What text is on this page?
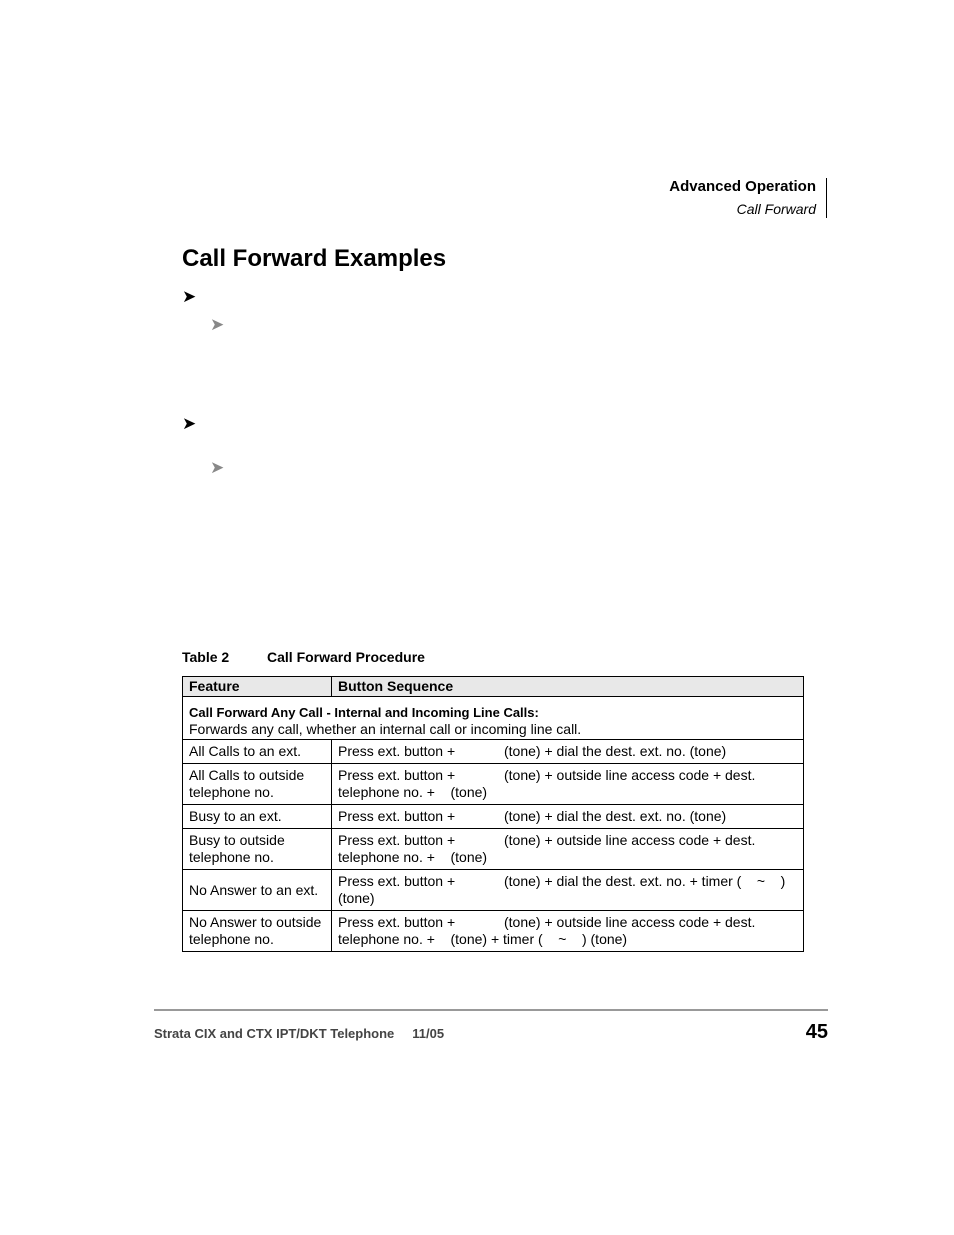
Advanced Operation
Call Forward
Call Forward Examples
➤
➤
➤
➤
Table 2	Call Forward Procedure
Feature	Button Sequence

Call Forward Any Call - Internal and Incoming Line Calls:
Forwards any call, whether an internal call or incoming line call.	

All Calls to an ext.	Press ext. button + (tone) + dial the dest. ext. no. (tone)
All Calls to outside telephone no.	Press ext. button + (tone) + outside line access code + dest.
telephone no. +    (tone)
Busy to an ext.	Press ext. button + (tone) + dial the dest. ext. no. (tone)
Busy to outside telephone no.	Press ext. button + (tone) + outside line access code + dest.
telephone no. +    (tone)
No Answer to an ext.	Press ext. button + (tone) + dial the dest. ext. no. + timer (    ~    )
(tone)
No Answer to outside telephone no.	Press ext. button + (tone) + outside line access code + dest.
telephone no. +    (tone) + timer (    ~    ) (tone)
Strata CIX and CTX IPT/DKT Telephone 11/05	45
